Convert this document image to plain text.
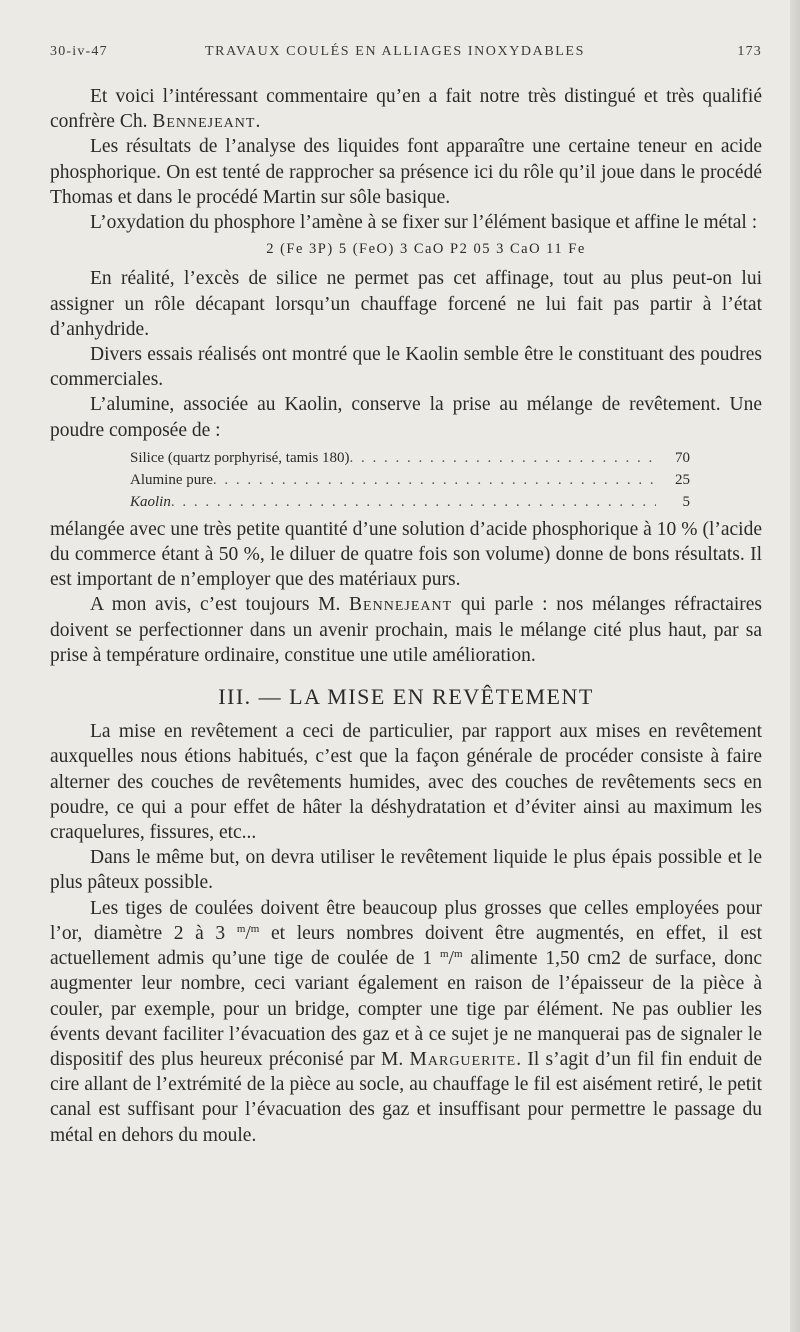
30-iv-47	TRAVAUX COULÉS EN ALLIAGES INOXYDABLES	173

Et voici l’intéressant commentaire qu’en a fait notre très distingué et très qualifié confrère Ch. Bennejeant.

Les résultats de l’analyse des liquides font apparaître une certaine teneur en acide phosphorique. On est tenté de rapprocher sa présence ici du rôle qu’il joue dans le procédé Thomas et dans le procédé Martin sur sôle basique.

L’oxydation du phosphore l’amène à se fixer sur l’élément basique et affine le métal :

2 (Fe 3P) 5 (FeO) 3 CaO P2 05 3 CaO 11 Fe

En réalité, l’excès de silice ne permet pas cet affinage, tout au plus peut-on lui assigner un rôle décapant lorsqu’un chauffage forcené ne lui fait pas partir à l’état d’anhydride.

Divers essais réalisés ont montré que le Kaolin semble être le constituant des poudres commerciales.

L’alumine, associée au Kaolin, conserve la prise au mélange de revêtement. Une poudre composée de :

Silice (quartz porphyrisé, tamis 180) . . .	70
Alumine pure . . .	25
Kaolin . . .	5

mélangée avec une très petite quantité d’une solution d’acide phosphorique à 10 % (l’acide du commerce étant à 50 %, le diluer de quatre fois son volume) donne de bons résultats. Il est important de n’employer que des matériaux purs.

A mon avis, c’est toujours M. Bennejeant qui parle : nos mélanges réfractaires doivent se perfectionner dans un avenir prochain, mais le mélange cité plus haut, par sa prise à température ordinaire, constitue une utile amélioration.

III. — LA MISE EN REVÊTEMENT

La mise en revêtement a ceci de particulier, par rapport aux mises en revêtement auxquelles nous étions habitués, c’est que la façon générale de procéder consiste à faire alterner des couches de revêtements humides, avec des couches de revêtements secs en poudre, ce qui a pour effet de hâter la déshydratation et d’éviter ainsi au maximum les craquelures, fissures, etc...

Dans le même but, on devra utiliser le revêtement liquide le plus épais possible et le plus pâteux possible.

Les tiges de coulées doivent être beaucoup plus grosses que celles employées pour l’or, diamètre 2 à 3 $^m$/$^m$ et leurs nombres doivent être augmentés, en effet, il est actuellement admis qu’une tige de coulée de 1 $^m$/$^m$ alimente 1,50 cm2 de surface, donc augmenter leur nombre, ceci variant également en raison de l’épaisseur de la pièce à couler, par exemple, pour un bridge, compter une tige par élément. Ne pas oublier les évents devant faciliter l’évacuation des gaz et à ce sujet je ne manquerai pas de signaler le dispositif des plus heureux préconisé par M. Marguerite. Il s’agit d’un fil fin enduit de cire allant de l’extrémité de la pièce au socle, au chauffage le fil est aisément retiré, le petit canal est suffisant pour l’évacuation des gaz et insuffisant pour permettre le passage du métal en dehors du moule.
